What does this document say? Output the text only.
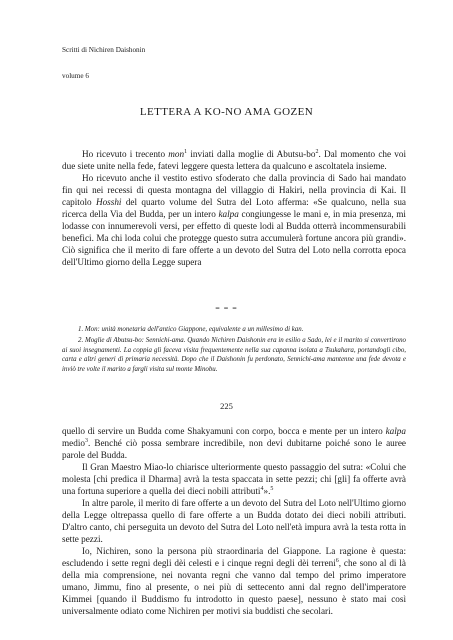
Scritti di Nichiren Daishonin
volume 6
LETTERA A KO-NO AMA GOZEN

Ho ricevuto i trecento mon$^1$ inviati dalla moglie di Abutsu-$bo^2$. Dal momento che voi due siete unite nella fede, fatevi leggere questa lettera da qualcuno e ascoltatela insieme.

Ho ricevuto anche il vestito estivo sfoderato che dalla provincia di Sado hai mandato fin qui nei recessi di questa montagna del villaggio di Hakiri, nella provincia di Kai. Il capitolo Hosshi del quarto volume del Sutra del Loto afferma: «Se qualcuno, nella sua ricerca della Via del Budda, per un intero kalpa congiungesse le mani e, in mia presenza, mi lodasse con innumerevoli versi, per effetto di queste lodi al Budda otterrà incommensurabili benefici. Ma chi loda colui che protegge questo sutra accumulerà fortune ancora più grandi». Ciò significa che il merito di fare offerte a un devoto del Sutra del Loto nella corrotta epoca dell'Ultimo giorno della Legge supera

= = =

1. Mon: unità monetaria dell'antico Giappone, equivalente a un millesimo di kan.

2. Moglie di Abutsu-bo: Sennichi-ama. Quando Nichiren Daishonin era in esilio a Sado, lei e il marito si convertirono ai suoi insegnamenti. La coppia gli faceva visita frequentemente nella sua capanna isolata a Tsukahara, portandogli cibo, carta e altri generi di primaria necessità. Dopo che il Daishonin fu perdonato, Sennichi-ama mantenne una fede devota e inviò tre volte il marito a fargli visita sul monte Minobu.

225

quello di servire un Budda come Shakyamuni con corpo, bocca e mente per un intero kalpa medio$^3$. Benché ciò possa sembrare incredibile, non devi dubitarne poiché sono le auree parole del Budda.

Il Gran Maestro Miao-lo chiarisce ulteriormente questo passaggio del sutra: «Colui che molesta [chi predica il Dharma] avrà la testa spaccata in sette pezzi; chi [gli] fa offerte avrà una fortuna superiore a quella dei dieci nobili attributi$^4$».$^5$

In altre parole, il merito di fare offerte a un devoto del Sutra del Loto nell'Ultimo giorno della Legge oltrepassa quello di fare offerte a un Budda dotato dei dieci nobili attributi. D'altro canto, chi perseguita un devoto del Sutra del Loto nell'età impura avrà la testa rotta in sette pezzi.

Io, Nichiren, sono la persona più straordinaria del Giappone. La ragione è questa: escludendo i sette regni degli dèi celesti e i cinque regni degli dèi terreni$^6$, che sono al di là della mia comprensione, nei novanta regni che vanno dal tempo del primo imperatore umano, Jimmu, fino al presente, o nei più di settecento anni dal regno dell'imperatore Kimmei [quando il Buddismo fu introdotto in questo paese], nessuno è stato mai così universalmente odiato come Nichiren per motivi sia buddisti che secolari.
